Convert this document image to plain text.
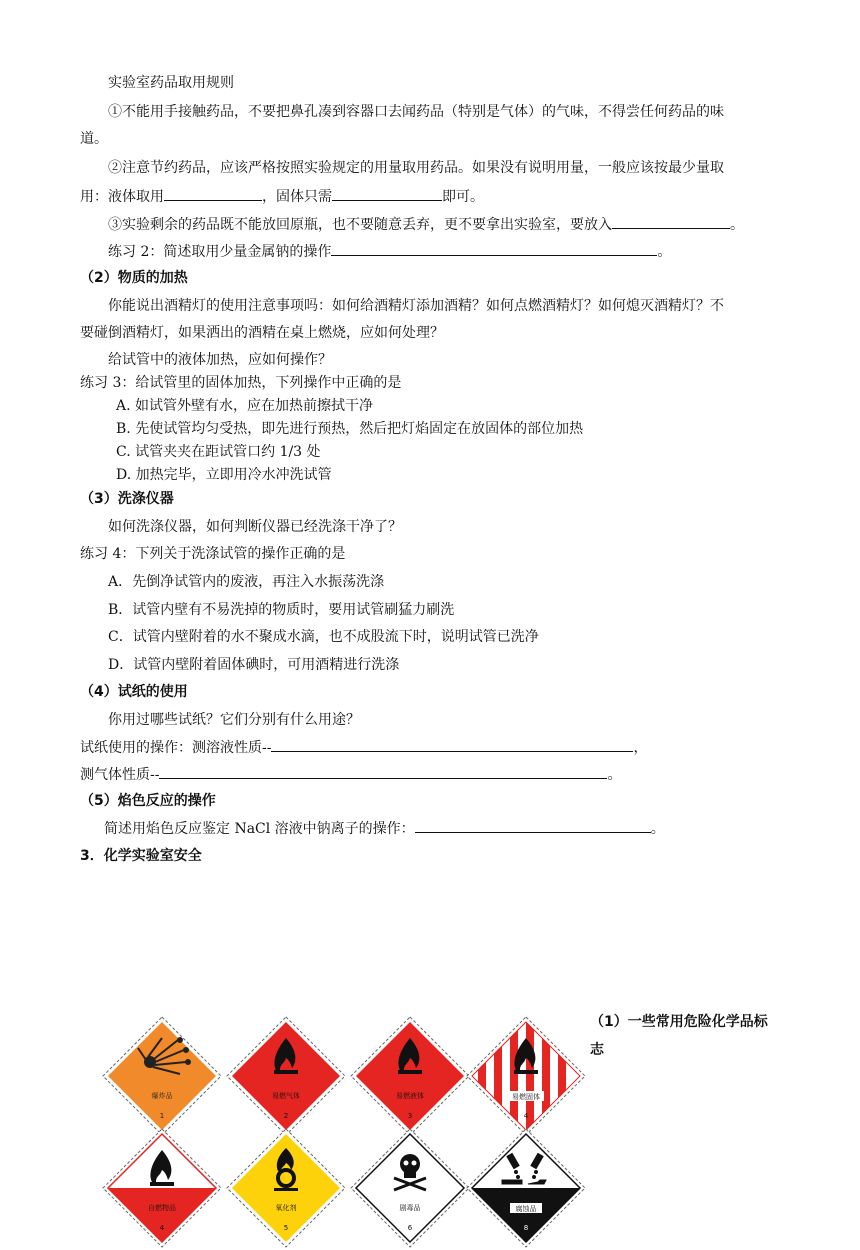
实验室药品取用规则
①不能用手接触药品，不要把鼻孔凑到容器口去闻药品（特别是气体）的气味，不得尝任何药品的味
道。
②注意节约药品，应该严格按照实验规定的用量取用药品。如果没有说明用量，一般应该按最少量取
用：液体取用	，固体只需	即可。
③实验剩余的药品既不能放回原瓶，也不要随意丢弃，更不要拿出实验室，要放入	。
练习 2：简述取用少量金属钠的操作	。
（2）物质的加热
你能说出酒精灯的使用注意事项吗：如何给酒精灯添加酒精？如何点燃酒精灯？如何熄灭酒精灯？不
要碰倒酒精灯，如果洒出的酒精在桌上燃烧，应如何处理？
给试管中的液体加热，应如何操作？
练习 3：给试管里的固体加热，下列操作中正确的是
A. 如试管外壁有水，应在加热前擦拭干净
B. 先使试管均匀受热，即先进行预热，然后把灯焰固定在放固体的部位加热
C. 试管夹夹在距试管口约 1/3 处
D. 加热完毕，立即用冷水冲洗试管
（3）洗涤仪器
如何洗涤仪器，如何判断仪器已经洗涤干净了？
练习 4：下列关于洗涤试管的操作正确的是
A．先倒净试管内的废液，再注入水振荡洗涤
B．试管内壁有不易洗掉的物质时，要用试管刷猛力刷洗
C．试管内壁附着的水不聚成水滴，也不成股流下时，说明试管已洗净
D．试管内壁附着固体碘时，可用酒精进行洗涤
（4）试纸的使用
你用过哪些试纸？它们分别有什么用途？
试纸使用的操作：测溶液性质--	，
测气体性质--	。
（5）焰色反应的操作
简述用焰色反应鉴定 NaCl 溶液中钠离子的操作：	。
3．化学实验室安全
（1）一些常用危险化学品标
志
爆炸品
1
易燃气体
2
易燃液体
3
易燃固体
4
自燃物品
4
氧化剂
5
剧毒品
6
腐蚀品
8
